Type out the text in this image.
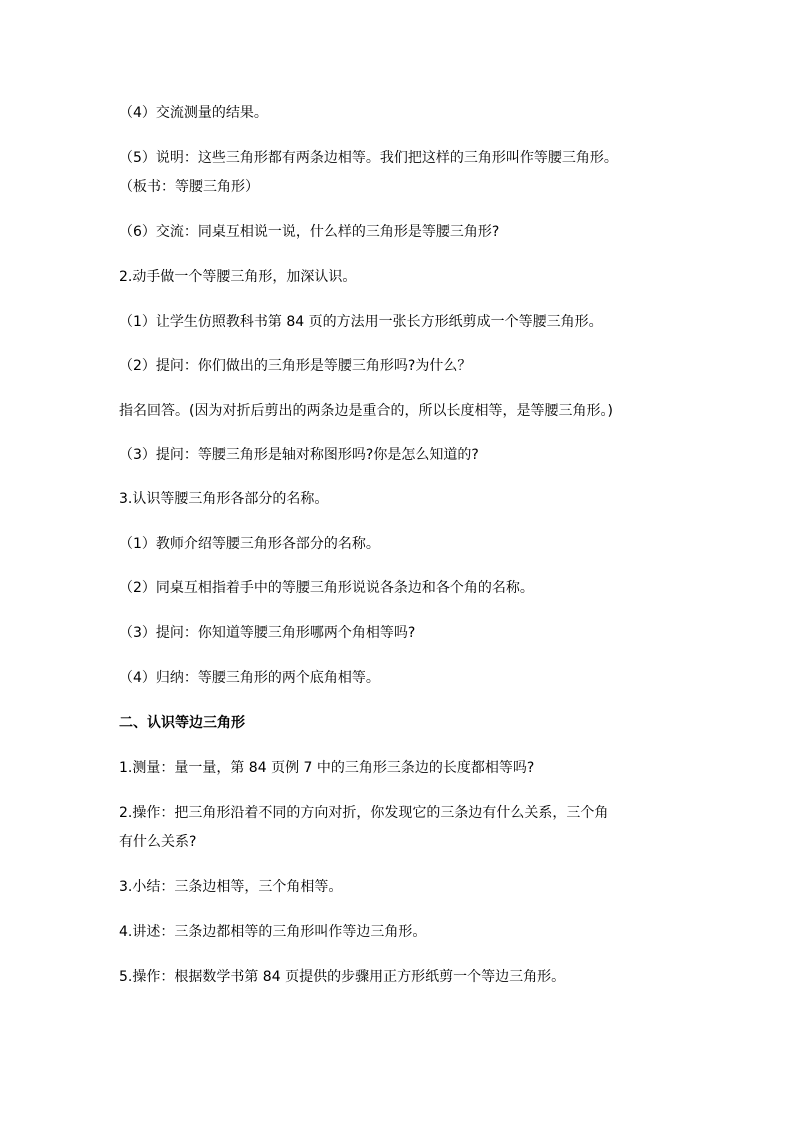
（4）交流测量的结果。

（5）说明：这些三角形都有两条边相等。我们把这样的三角形叫作等腰三角形。

（板书：等腰三角形）

（6）交流：同桌互相说一说，什么样的三角形是等腰三角形?

2.动手做一个等腰三角形，加深认识。

（1）让学生仿照教科书第 84 页的方法用一张长方形纸剪成一个等腰三角形。

（2）提问：你们做出的三角形是等腰三角形吗?为什么？

指名回答。(因为对折后剪出的两条边是重合的，所以长度相等，是等腰三角形。)

（3）提问：等腰三角形是轴对称图形吗?你是怎么知道的?

3.认识等腰三角形各部分的名称。

（1）教师介绍等腰三角形各部分的名称。

（2）同桌互相指着手中的等腰三角形说说各条边和各个角的名称。

（3）提问：你知道等腰三角形哪两个角相等吗?

（4）归纳：等腰三角形的两个底角相等。

二、认识等边三角形

1.测量：量一量，第 84 页例 7 中的三角形三条边的长度都相等吗?

2.操作：把三角形沿着不同的方向对折，你发现它的三条边有什么关系，三个角

有什么关系?

3.小结：三条边相等，三个角相等。

4.讲述：三条边都相等的三角形叫作等边三角形。

5.操作：根据数学书第 84 页提供的步骤用正方形纸剪一个等边三角形。
